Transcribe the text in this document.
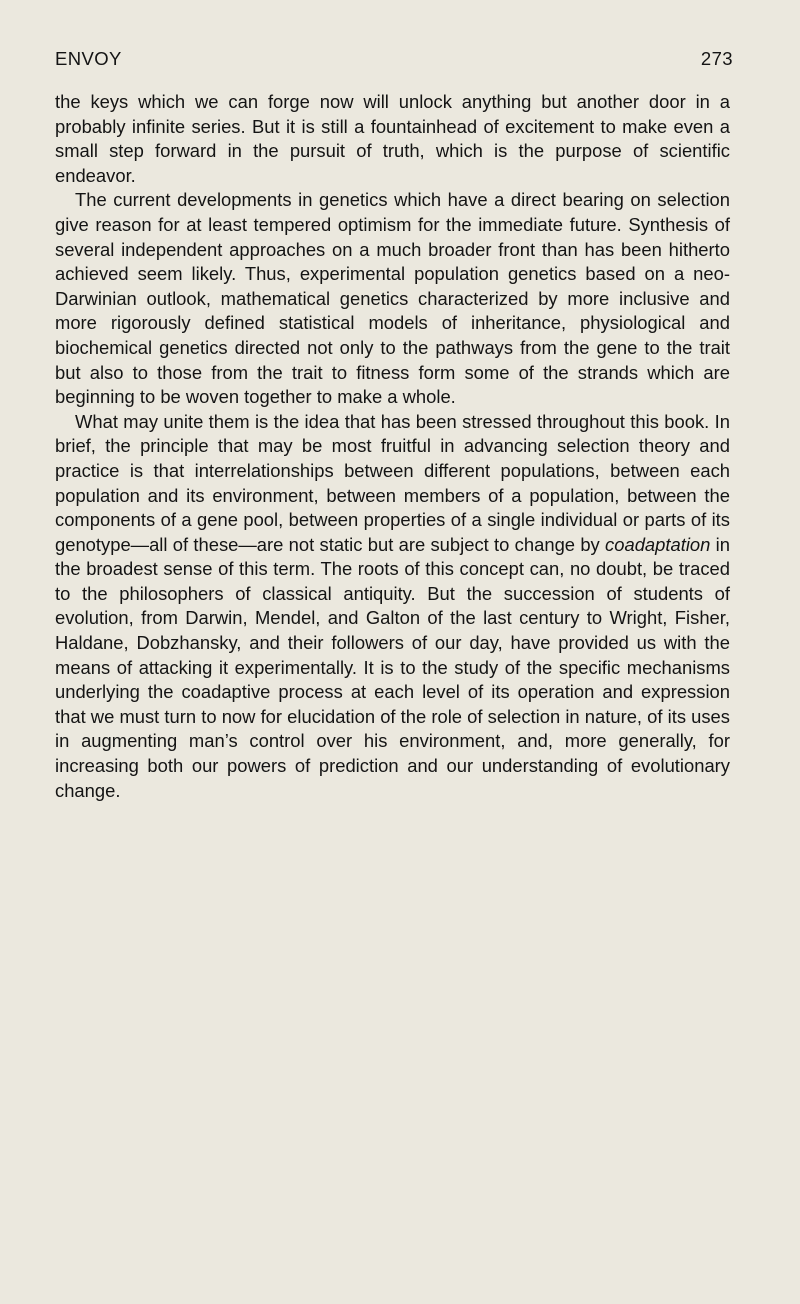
ENVOY	273

the keys which we can forge now will unlock anything but another door in a probably infinite series. But it is still a fountainhead of excitement to make even a small step forward in the pursuit of truth, which is the purpose of scientific endeavor.

The current developments in genetics which have a direct bearing on selection give reason for at least tempered optimism for the immediate future. Synthesis of several independent approaches on a much broader front than has been hitherto achieved seem likely. Thus, experimental population genetics based on a neo-Darwinian outlook, mathematical genetics characterized by more inclusive and more rigorously defined statistical models of inheritance, physiological and biochemical genetics directed not only to the pathways from the gene to the trait but also to those from the trait to fitness form some of the strands which are beginning to be woven together to make a whole.

What may unite them is the idea that has been stressed throughout this book. In brief, the principle that may be most fruitful in advancing selection theory and practice is that interrelationships between different populations, between each population and its environment, between members of a population, between the components of a gene pool, between properties of a single individual or parts of its genotype—all of these—are not static but are subject to change by coadaptation in the broadest sense of this term. The roots of this concept can, no doubt, be traced to the philosophers of classical antiquity. But the succession of students of evolution, from Darwin, Mendel, and Galton of the last century to Wright, Fisher, Haldane, Dobzhansky, and their followers of our day, have provided us with the means of attacking it experimentally. It is to the study of the specific mechanisms underlying the coadaptive process at each level of its operation and expression that we must turn to now for elucidation of the role of selection in nature, of its uses in augmenting man’s control over his environment, and, more generally, for increasing both our powers of prediction and our understanding of evolutionary change.
